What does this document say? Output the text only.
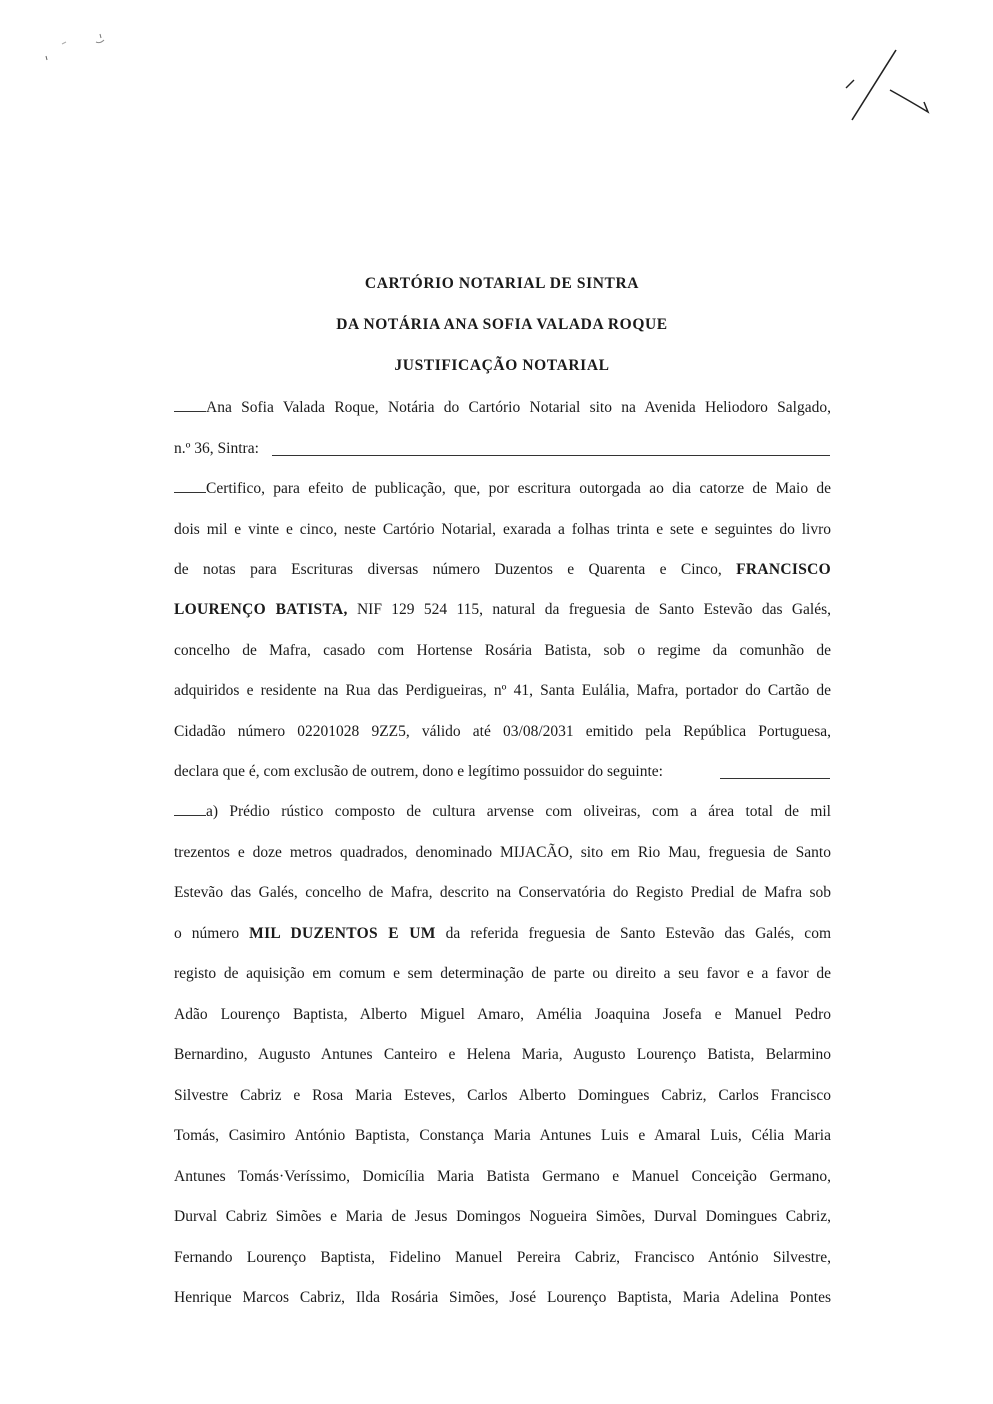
CARTÓRIO NOTARIAL DE SINTRA
DA NOTÁRIA ANA SOFIA VALADA ROQUE
JUSTIFICAÇÃO NOTARIAL
Ana Sofia Valada Roque, Notária do Cartório Notarial sito na Avenida Heliodoro Salgado,
n.º 36, Sintra:
Certifico, para efeito de publicação, que, por escritura outorgada ao dia catorze de Maio de
dois mil e vinte e cinco, neste Cartório Notarial, exarada a folhas trinta e sete e seguintes do livro
de notas para Escrituras diversas número Duzentos e Quarenta e Cinco, FRANCISCO
LOURENÇO BATISTA, NIF 129 524 115, natural da freguesia de Santo Estevão das Galés,
concelho de Mafra, casado com Hortense Rosária Batista, sob o regime da comunhão de
adquiridos e residente na Rua das Perdigueiras, nº 41, Santa Eulália, Mafra, portador do Cartão de
Cidadão número 02201028 9ZZ5, válido até 03/08/2031 emitido pela República Portuguesa,
declara que é, com exclusão de outrem, dono e legítimo possuidor do seguinte:
a) Prédio rústico composto de cultura arvense com oliveiras, com a área total de mil
trezentos e doze metros quadrados, denominado MIJACÃO, sito em Rio Mau, freguesia de Santo
Estevão das Galés, concelho de Mafra, descrito na Conservatória do Registo Predial de Mafra sob
o número MIL DUZENTOS E UM da referida freguesia de Santo Estevão das Galés, com
registo de aquisição em comum e sem determinação de parte ou direito a seu favor e a favor de
Adão Lourenço Baptista, Alberto Miguel Amaro, Amélia Joaquina Josefa e Manuel Pedro
Bernardino, Augusto Antunes Canteiro e Helena Maria, Augusto Lourenço Batista, Belarmino
Silvestre Cabriz e Rosa Maria Esteves, Carlos Alberto Domingues Cabriz, Carlos Francisco
Tomás, Casimiro António Baptista, Constança Maria Antunes Luis e Amaral Luis, Célia Maria
Antunes Tomás·Veríssimo, Domicília Maria Batista Germano e Manuel Conceição Germano,
Durval Cabriz Simões e Maria de Jesus Domingos Nogueira Simões, Durval Domingues Cabriz,
Fernando Lourenço Baptista, Fidelino Manuel Pereira Cabriz, Francisco António Silvestre,
Henrique Marcos Cabriz, Ilda Rosária Simões, José Lourenço Baptista, Maria Adelina Pontes
